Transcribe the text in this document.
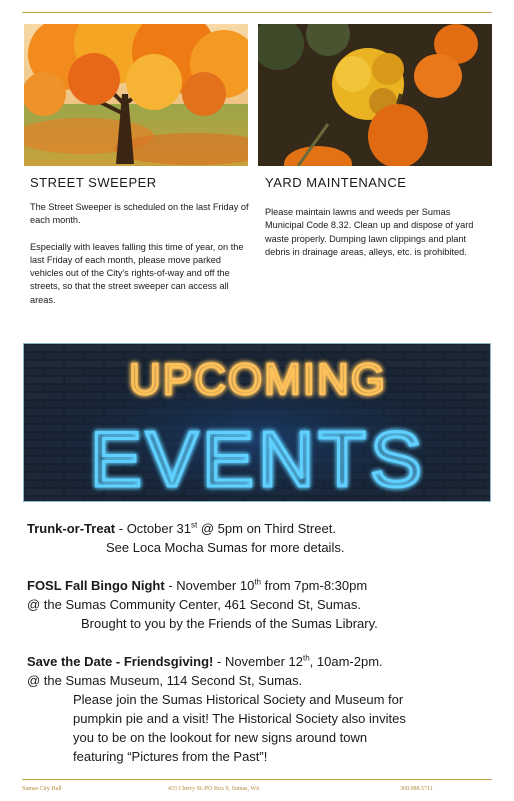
STREET SWEEPER	YARD MAINTENANCE

The Street Sweeper is scheduled on the last Friday of each month.

Especially with leaves falling this time of year, on the last Friday of each month, please move parked vehicles out of the City's rights-of-way and off the streets, so that the street sweeper can access all areas.

Please maintain lawns and weeds per Sumas Municipal Code 8.32. Clean up and dispose of yard waste properly. Dumping lawn clippings and plant debris in drainage areas, alleys, etc. is prohibited.

UPCOMING
EVENTS
Trunk-or-Treat - October 31st @ 5pm on Third Street.
See Loca Mocha Sumas for more details.
FOSL Fall Bingo Night - November 10th from 7pm-8:30pm
@ the Sumas Community Center, 461 Second St, Sumas.
Brought to you by the Friends of the Sumas Library.
Save the Date - Friendsgiving! - November 12th, 10am-2pm.
@ the Sumas Museum, 114 Second St, Sumas.
Please join the Sumas Historical Society and Museum for
pumpkin pie and a visit! The Historical Society also invites
you to be on the lookout for new signs around town
featuring “Pictures from the Past”!
Sumas City Hall	433 Cherry St./PO Box 9, Sumas, WA	360.988.5711
